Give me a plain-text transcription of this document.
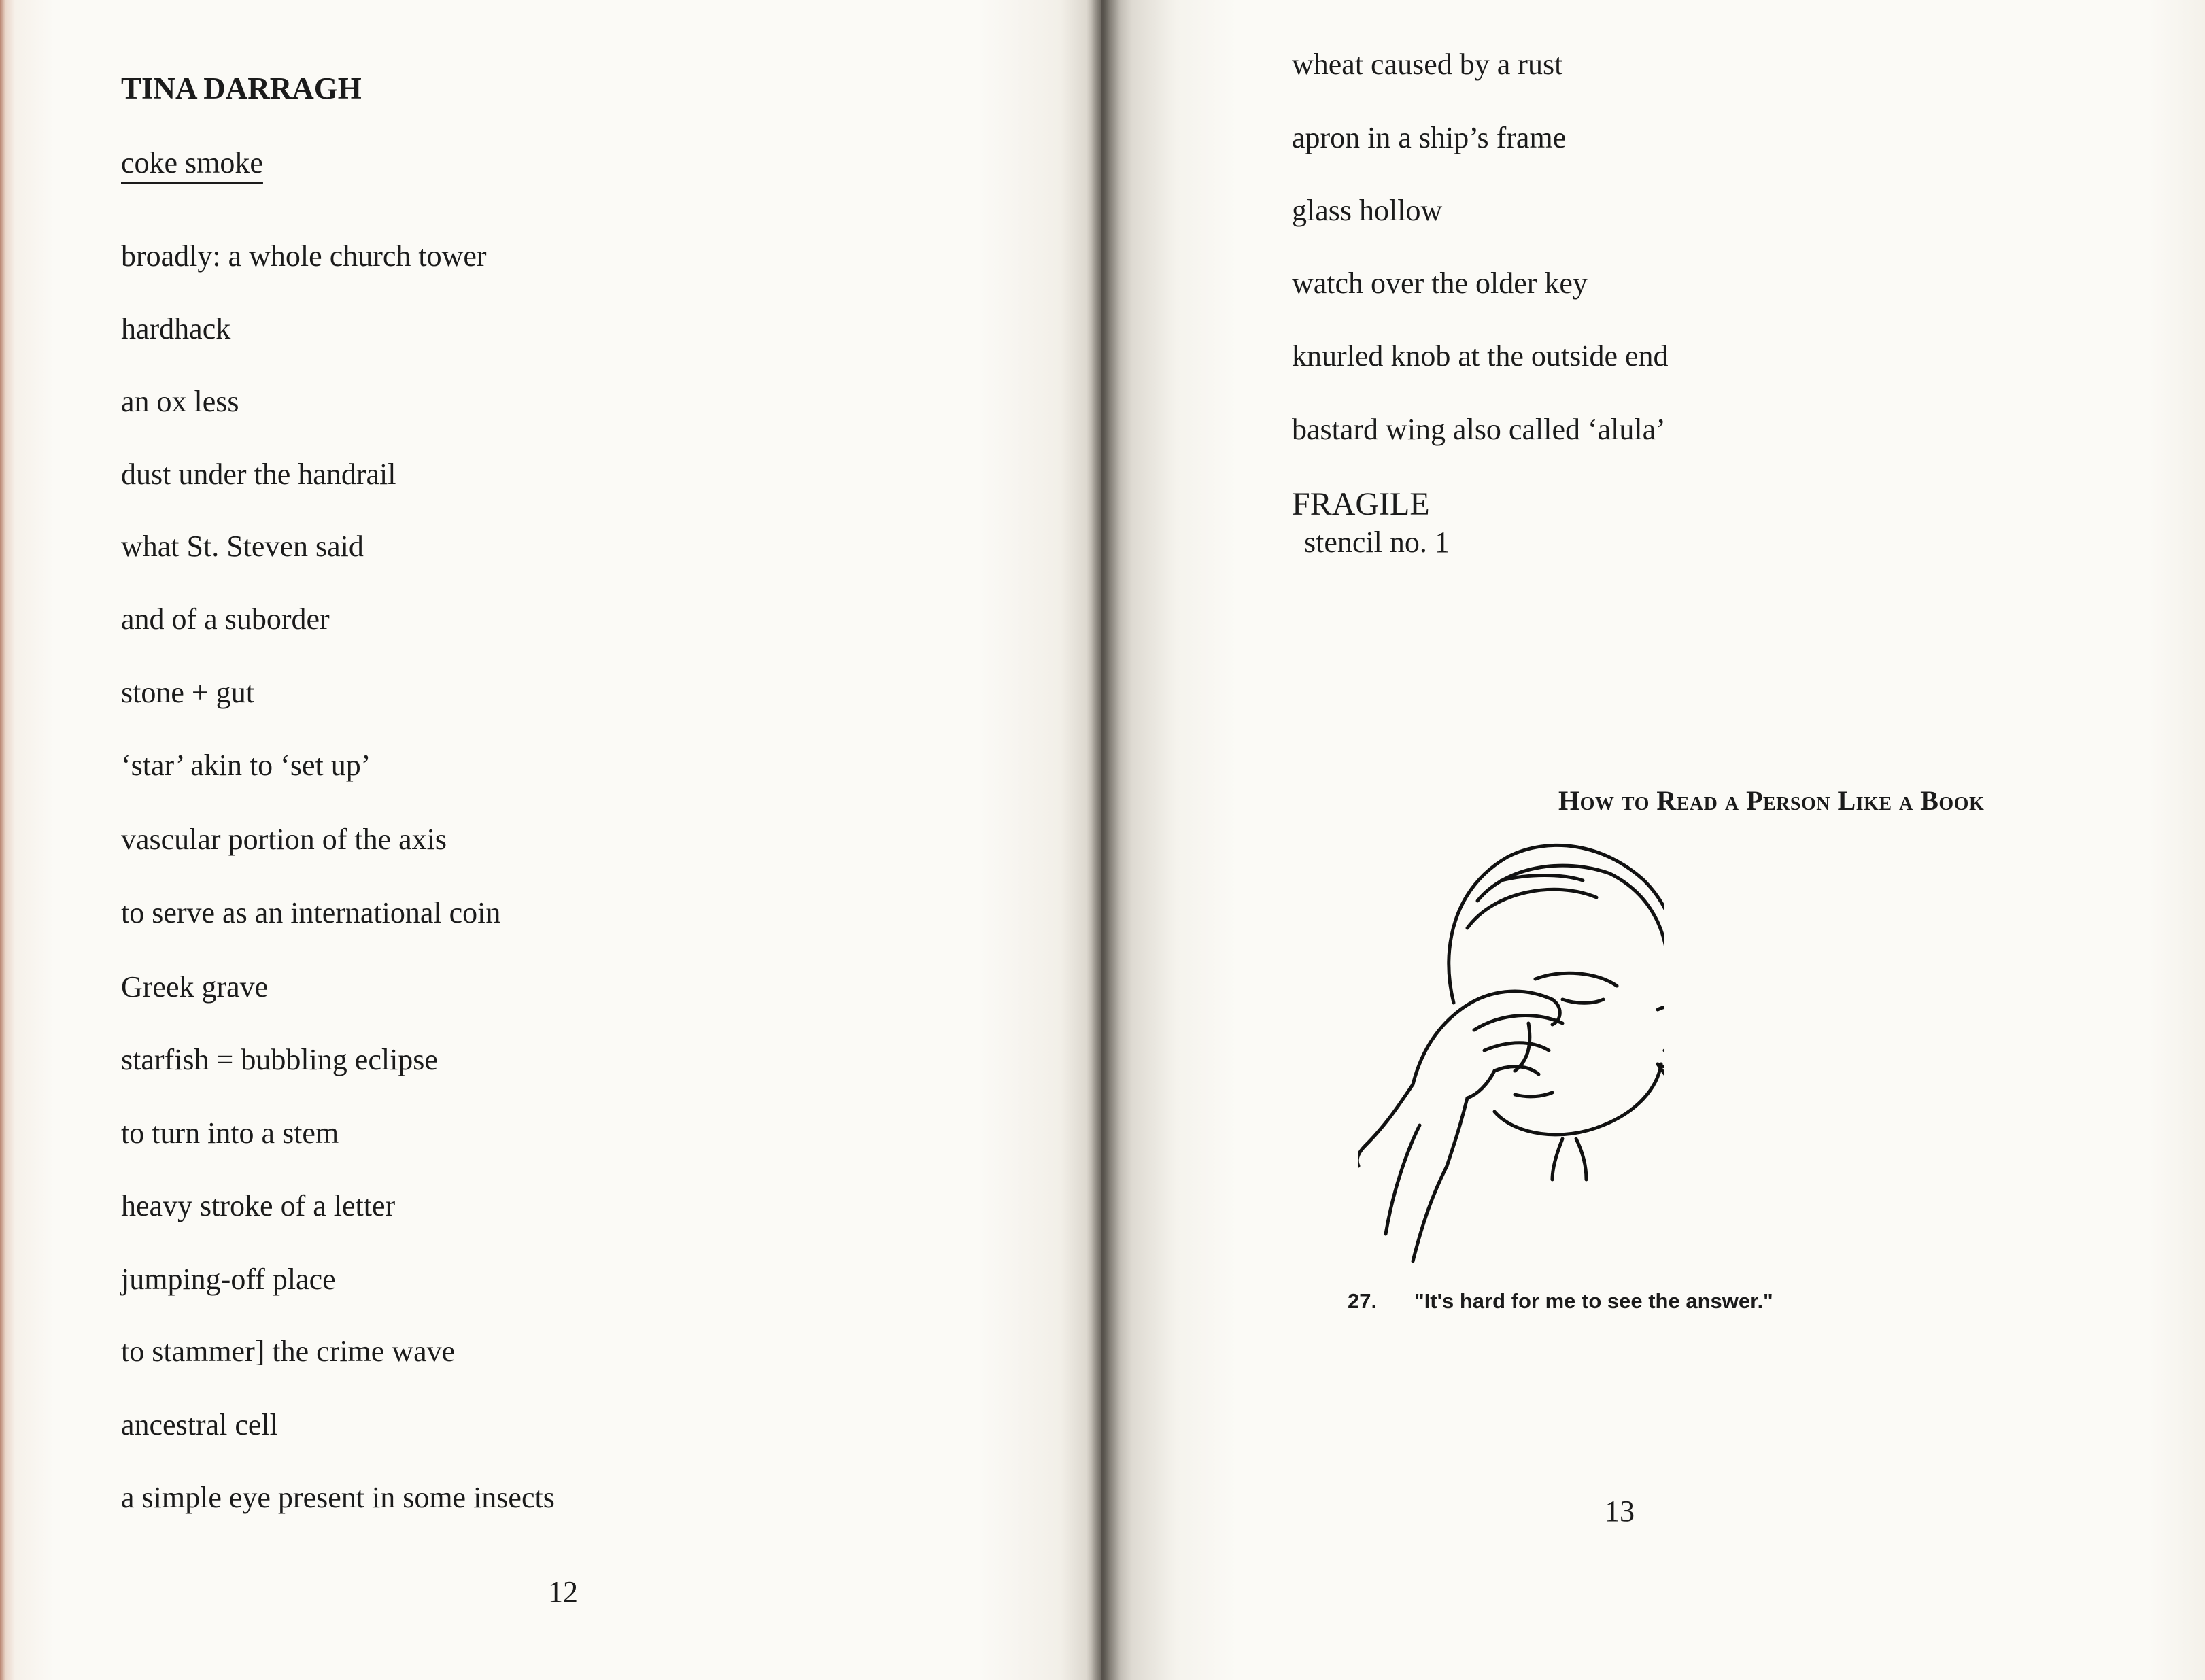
TINA DARRAGH

coke smoke

broadly: a whole church tower

hardhack

an ox less

dust under the handrail

what St. Steven said

and of a suborder

stone + gut

‘star’ akin to ‘set up’

vascular portion of the axis

to serve as an international coin

Greek grave

starfish = bubbling eclipse

to turn into a stem

heavy stroke of a letter

jumping-off place

to stammer] the crime wave

ancestral cell

a simple eye present in some insects

12

wheat caused by a rust

apron in a ship’s frame

glass hollow

watch over the older key

knurled knob at the outside end

bastard wing also called ‘alula’

FRAGILE

stencil no. 1

How to Read a Person Like a Book

27. "It's hard for me to see the answer."

13
